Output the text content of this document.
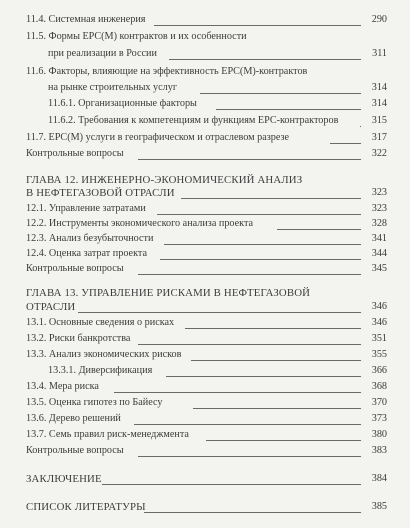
11.4. Системная инженерия	290
11.5. Формы EPC(M) контрактов и их особенности
при реализации в России	311
11.6. Факторы, влияющие на эффективность EPC(M)-контрактов
на рынке строительных услуг	314
11.6.1. Организационные факторы	314
11.6.2. Требования к компетенциям и функциям EPC-контракторов	315
11.7. EPC(M) услуги в географическом и отраслевом разрезе	317
Контрольные вопросы	322
ГЛАВА 12. ИНЖЕНЕРНО-ЭКОНОМИЧЕСКИЙ АНАЛИЗ
В НЕФТЕГАЗОВОЙ ОТРАСЛИ	323
12.1. Управление затратами	323
12.2. Инструменты экономического анализа проекта	328
12.3. Анализ безубыточности	341
12.4. Оценка затрат проекта	344
Контрольные вопросы	345
ГЛАВА 13. УПРАВЛЕНИЕ РИСКАМИ В НЕФТЕГАЗОВОЙ
ОТРАСЛИ	346
13.1. Основные сведения о рисках	346
13.2. Риски банкротства	351
13.3. Анализ экономических рисков	355
13.3.1. Диверсификация	366
13.4. Мера риска	368
13.5. Оценка гипотез по Байесу	370
13.6. Дерево решений	373
13.7. Семь правил риск-менеджмента	380
Контрольные вопросы	383
ЗАКЛЮЧЕНИЕ	384
СПИСОК ЛИТЕРАТУРЫ	385
